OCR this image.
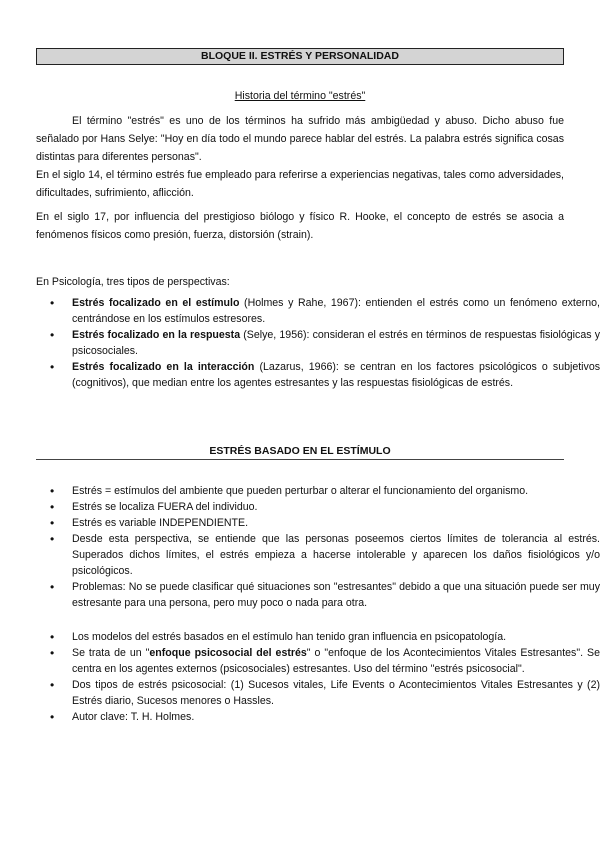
BLOQUE II. ESTRÉS Y PERSONALIDAD
Historia del término "estrés"

El término "estrés" es uno de los términos ha sufrido más ambigüedad y abuso. Dicho abuso fue señalado por Hans Selye: "Hoy en día todo el mundo parece hablar del estrés. La palabra estrés significa cosas distintas para diferentes personas".

En el siglo 14, el término estrés fue empleado para referirse a experiencias negativas, tales como adversidades, dificultades, sufrimiento, aflicción.

En el siglo 17, por influencia del prestigioso biólogo y físico R. Hooke, el concepto de estrés se asocia a fenómenos físicos como presión, fuerza, distorsión (strain).

En Psicología, tres tipos de perspectivas:

• Estrés focalizado en el estímulo (Holmes y Rahe, 1967): entienden el estrés como un fenómeno externo, centrándose en los estímulos estresores.
• Estrés focalizado en la respuesta (Selye, 1956): consideran el estrés en términos de respuestas fisiológicas y psicosociales.
• Estrés focalizado en la interacción (Lazarus, 1966): se centran en los factores psicológicos o subjetivos (cognitivos), que median entre los agentes estresantes y las respuestas fisiológicas de estrés.
ESTRÉS BASADO EN EL ESTÍMULO
• Estrés = estímulos del ambiente que pueden perturbar o alterar el funcionamiento del organismo.
• Estrés se localiza FUERA del individuo.
• Estrés es variable INDEPENDIENTE.
• Desde esta perspectiva, se entiende que las personas poseemos ciertos límites de tolerancia al estrés. Superados dichos límites, el estrés empieza a hacerse intolerable y aparecen los daños fisiológicos y/o psicológicos.
• Problemas: No se puede clasificar qué situaciones son "estresantes" debido a que una situación puede ser muy estresante para una persona, pero muy poco o nada para otra.
• Los modelos del estrés basados en el estímulo han tenido gran influencia en psicopatología.
• Se trata de un "enfoque psicosocial del estrés" o "enfoque de los Acontecimientos Vitales Estresantes". Se centra en los agentes externos (psicosociales) estresantes. Uso del término "estrés psicosocial".
• Dos tipos de estrés psicosocial: (1) Sucesos vitales, Life Events o Acontecimientos Vitales Estresantes y (2) Estrés diario, Sucesos menores o Hassles.
• Autor clave: T. H. Holmes.
